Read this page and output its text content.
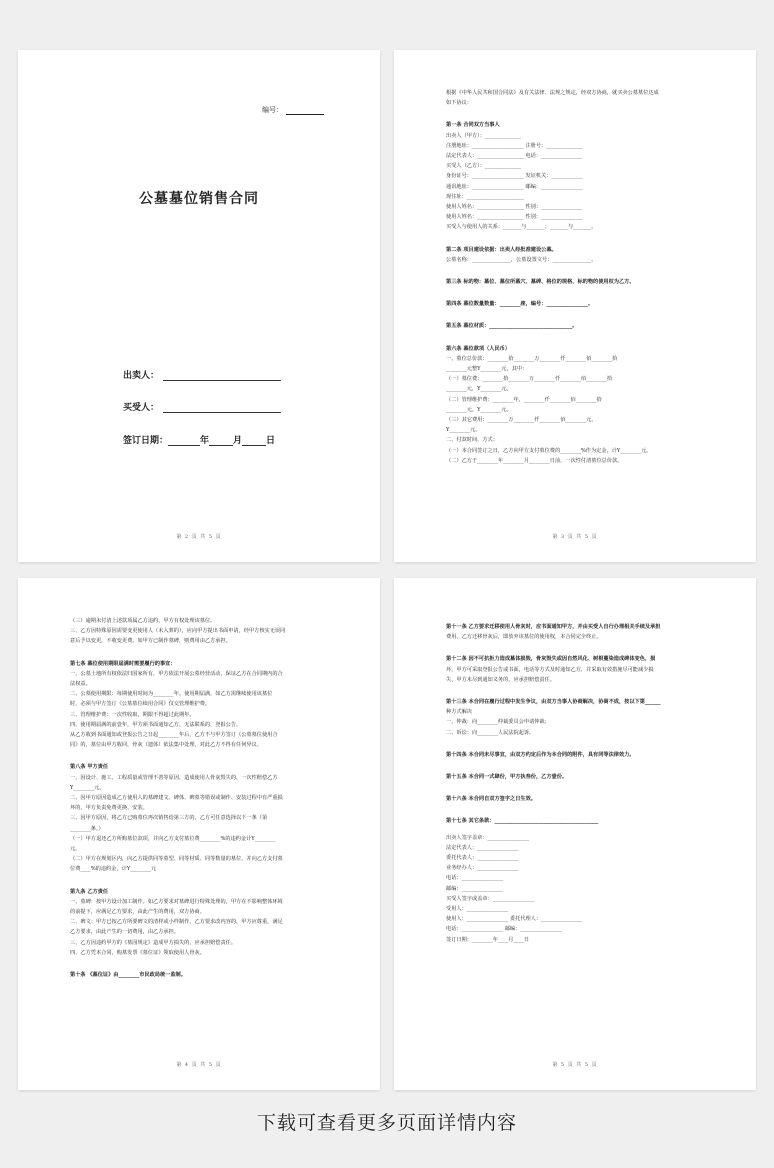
编号：
公墓墓位销售合同
出卖人：
买受人：
签订日期：	年	月	日
第 2 页 共 5 页
根据《中华人民共和国合同法》及有关法律、法规之规定，经双方协商，就买卖公墓墓位达成
如下协议：
第一条 合同双方当事人
出卖人（甲方）：______________
注册地址：____________________ 注册号：______________
法定代表人：__________________ 电话：________________
买受人（乙方）：______________
身份证号：____________________ 发证机关：____________
通讯地址：____________________ 邮编：________________
现住址：______________________
使用人姓名：__________________ 性别：________________
使用人姓名：__________________ 性别：________________
买受人与使用人的关系：_______与_______；_______与_______。
第二条 项目建设依据：出卖人经批准建设公墓。
公墓名称：_______________，公墓设置文号：_______________。
第三条 标的物：墓位、墓位所墓穴、墓碑、格位的规格、标的物的使用权为乙方。
第四条 墓位数量数量：________座，编号：________________。
第五条 墓位材质：________________________________。
第六条 墓位款项（人民币）
一、墓位总价款：________拾________万________仟________佰________拾
________元整Y________元，其中：
（一）墓位费：________拾________万________仟________佰________拾
________元，Y________元。
（二）管理维护费：________年，________仟________佰________拾
________元，Y________元。
（三）其它费用：________万________仟________佰________元，
Y________元。
二、付款时间、方式：
（一）本合同签订之日，乙方向甲方支付墓位费的________%作为定金，计Y________元。
（二）乙方于________年________月________日前，一次性付清墓位总价款。
第 3 页 共 5 页
（三）逾期未付清上述款项属乙方违约，甲方有权处理该墓位。
三、乙方因特殊原因需要变更使用人（未入葬的），应向甲方提出书面申请，经甲方核实无误同
意后予以变更，不收变更费。如甲方已制作墓碑，则费用由乙方承担。
第七条 墓位使用期限届满时需要履行的事宜：
一、公墓土地所有权依法归国家所有，甲方依法开展公墓经营活动，保证乙方在合同期内的合
法权益。
二、公墓使用期限：每期使用时间为________年。使用期届满，如乙方需继续使用该墓位
时，必须与甲方签订《公墓墓位续用合同》仅交管理维护费。
三、管理维护费：一次性收取，期限不得超过此期年。
四、使用期届满的前壹年，甲方须书面通知乙方，无法联系的，登报公告。
从乙方收到书面通知或登报公告之日起________年后，乙方不与甲方签订《公墓墓位使用合
同》的，墓位由甲方收回，骨灰（遗体）依法集中处理，对此乙方不得有任何异议。
第八条 甲方责任
一、因设计、施工、工程质量或管理不善等原因，造成使用人骨灰毁失的，一次性赔偿乙方
Y________元。
二、因甲方原因造成乙方使用人的墓碑建文、碑体、碑墓等错误或制作、安装过程中有严重损
坏的，甲方负责免费更换、安装。
三、因甲方原因，将乙方已购墓位再次销售给第三方的，乙方可任意选择以下一条（第
________条。）
（一）甲方退还乙方所购墓位款项，并向乙方支付墓位费________%的违约金计Y________
元。
（二）甲方在规划区内，向乙方提供同等墓型、同等材质、同等数量的墓位，并向乙方支付墓
位费____%的违约金，计Y________元
第九条 乙方责任
一、墓碑：按甲方设计加工制作。如乙方要求对墓碑进行特殊处理的，甲方在不影响整体环境
的前提下，应满足乙方要求，由此产生的费用，双方协商。
二、碑文：甲方已按乙方所要碑文的清样或小样制作，乙方要求改内容的，甲方应尊重，满足
乙方要求，由此产生的一切费用，由乙方承担。
三、乙方因违约甲方的《墓园规定》造成甲方损失的，应承担赔偿责任。
四、乙方凭本合同，购墓发票《墓位证》领取使用人骨灰。
第十条 《墓位证》由________市民政局统一监制。
第 4 页 共 5 页
第十一条 乙方要求迁移使用人骨灰时，应书面通知甲方，并由买受人自行办理相关手续及承担
费用，乙方迁移骨灰后，即放弃该墓位的使用权，本合同完全终止。
第十二条 因不可抗拒力造成墓体损毁，骨灰毁失或因自然风化、树根蔓染造成碑体变色，损
坏，甲方可采取登报公告或书面，电话等方式及时通知乙方，并采取有效措施尽可能减少损
失，甲方未尽到通知义务的，应承担赔偿责任。
第十三条 本合同在履行过程中发生争议，由双方当事人协商解决，协商不成，按以下第______
种方式解决
一、仲裁：向________仲裁委员会申请仲裁；
二、诉讼：向________人民法院起诉。
第十四条 本合同未尽事宜，由双方约定后作为本合同的附件，具有同等法律效力。
第十五条 本合同一式肆份，甲方执叁份，乙方壹份。
第十六条 本合同自双方签字之日生效。
第十七条 其它条款：________________________________________
出卖人签字盖章：________________
法定代表人：________________
委托代表人：________________
业务经办人：________________
电话：________________
邮编：________________
买受人签字或盖章：________________
受用人：________________
使用人：________________ 委托代理人：________________
电话：________________ 邮编：________________
签订日期：________年____月____日
第 5 页 共 5 页
下载可查看更多页面详情内容
